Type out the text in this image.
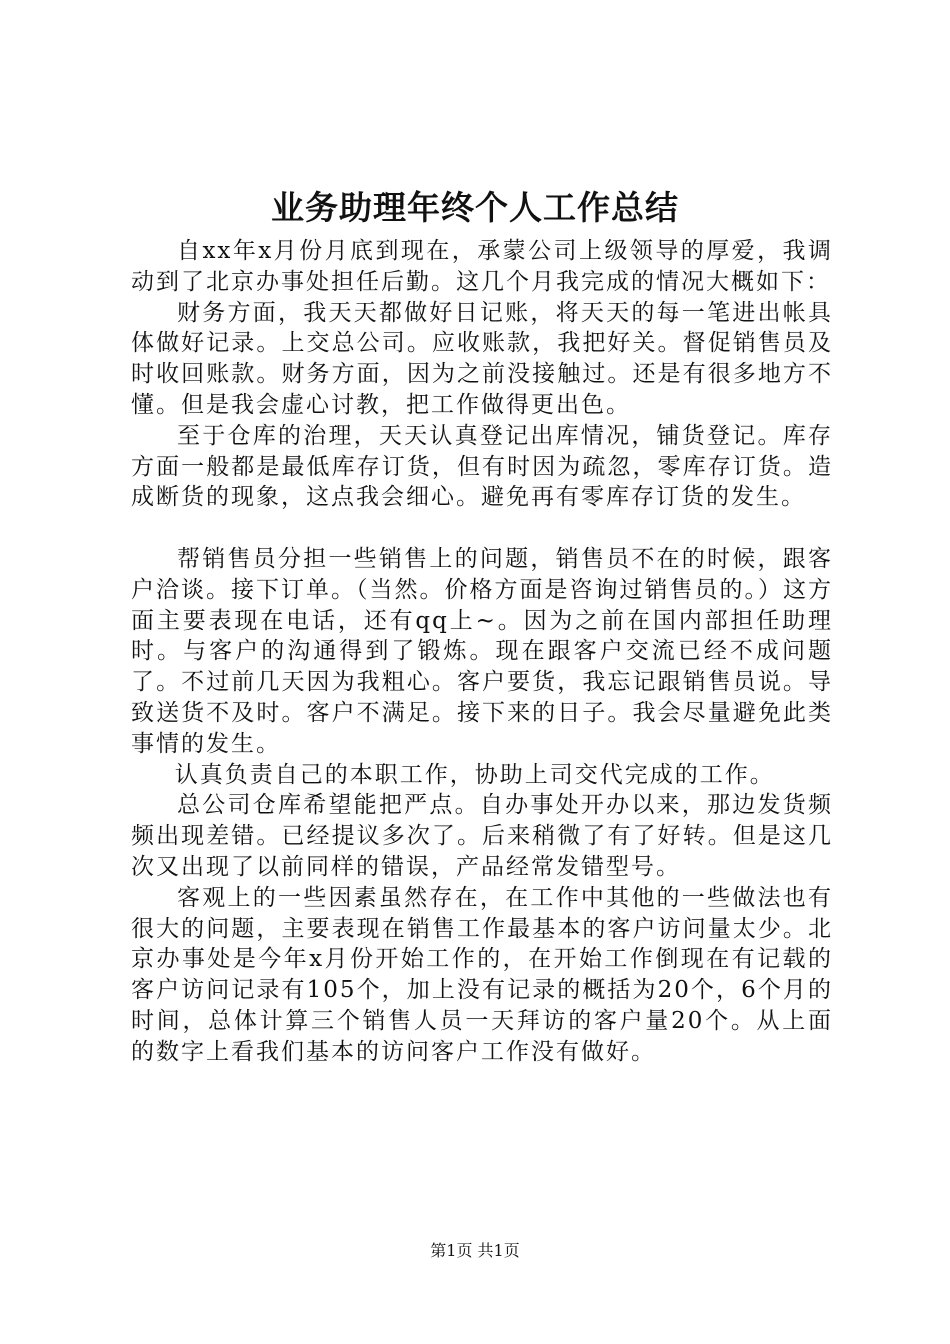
业务助理年终个人工作总结

自xx年x月份月底到现在，承蒙公司上级领导的厚爱，我调动到了北京办事处担任后勤。这几个月我完成的情况大概如下：

财务方面，我天天都做好日记账，将天天的每一笔进出帐具体做好记录。上交总公司。应收账款，我把好关。督促销售员及时收回账款。财务方面，因为之前没接触过。还是有很多地方不懂。但是我会虚心讨教，把工作做得更出色。

至于仓库的治理，天天认真登记出库情况，铺货登记。库存方面一般都是最低库存订货，但有时因为疏忽，零库存订货。造成断货的现象，这点我会细心。避免再有零库存订货的发生。

帮销售员分担一些销售上的问题，销售员不在的时候，跟客户洽谈。接下订单。（当然。价格方面是咨询过销售员的。）这方面主要表现在电话，还有qq上~。因为之前在国内部担任助理时。与客户的沟通得到了锻炼。现在跟客户交流已经不成问题了。不过前几天因为我粗心。客户要货，我忘记跟销售员说。导致送货不及时。客户不满足。接下来的日子。我会尽量避免此类事情的发生。

认真负责自己的本职工作，协助上司交代完成的工作。

总公司仓库希望能把严点。自办事处开办以来，那边发货频频出现差错。已经提议多次了。后来稍微了有了好转。但是这几次又出现了以前同样的错误，产品经常发错型号。

客观上的一些因素虽然存在，在工作中其他的一些做法也有很大的问题，主要表现在销售工作最基本的客户访问量太少。北京办事处是今年x月份开始工作的，在开始工作倒现在有记载的客户访问记录有105个，加上没有记录的概括为20个，6个月的时间，总体计算三个销售人员一天拜访的客户量20个。从上面的数字上看我们基本的访问客户工作没有做好。

第1页 共1页
